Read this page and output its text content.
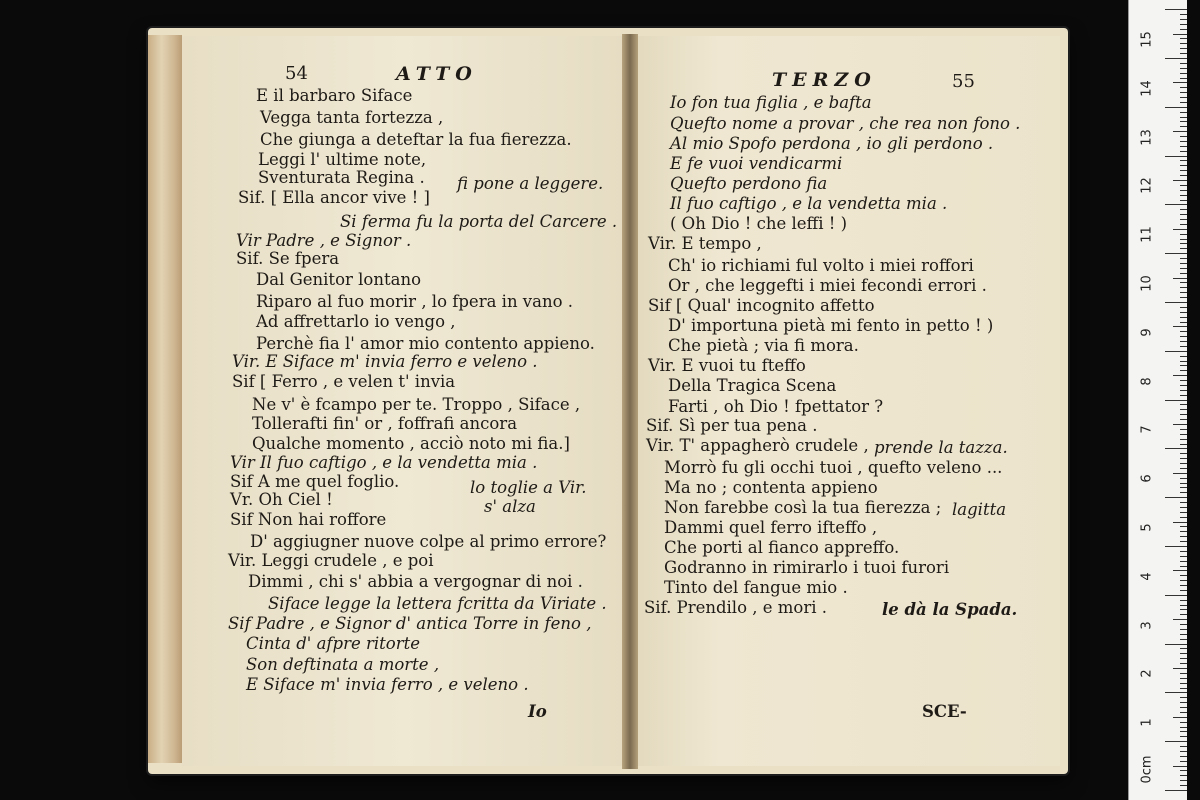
54	ATTO
E il barbaro Siface
Vegga tanta fortezza ,
Che giunga a deteftar la fua fierezza.
Leggi l' ultime note,
Sventurata Regina . fi pone a leggere.
Sif. [ Ella ancor vive ! ]
Si ferma fu la porta del Carcere .
Vir Padre , e Signor .
Sif. Se fpera
Dal Genitor lontano
Riparo al fuo morir , lo fpera in vano .
Ad affrettarlo io vengo ,
Perchè fia l' amor mio contento appieno.
Vir. E Siface m' invia ferro e veleno .
Sif [ Ferro , e velen t' invia
Ne v' è fcampo per te. Troppo , Siface ,
Tollerafti fin' or , foffrafi ancora
Qualche momento , acciò noto mi fia.]
Vir Il fuo caftigo , e la vendetta mia .
Sif A me quel foglio.	lo toglie a Vir.
Vr. Oh Ciel !	s' alza
Sif Non hai roffore
D' aggiugner nuove colpe al primo errore?
Vir. Leggi crudele , e poi
Dimmi , chi s' abbia a vergognar di noi .
Siface legge la lettera fcritta da Viriate .
Sif Padre , e Signor d' antica Torre in feno ,
Cinta d' afpre ritorte
Son deftinata a morte ,
E Siface m' invia ferro , e veleno .
Io
TERZO	55
Io fon tua figlia , e bafta
Quefto nome a provar , che rea non fono .
Al mio Spofo perdona , io gli perdono .
E fe vuoi vendicarmi
Quefto perdono fia
Il fuo caftigo , e la vendetta mia .
( Oh Dio ! che leffi ! )
Vir. E tempo ,
Ch' io richiami ful volto i miei roffori
Or , che leggefti i miei fecondi errori .
Sif [ Qual' incognito affetto
D' importuna pietà mi fento in petto ! )
Che pietà ; via fi mora.
Vir. E vuoi tu fteffo
Della Tragica Scena
Farti , oh Dio ! fpettator ?
Sif. Sì per tua pena .
Vir. T' appagherò crudele , prende la tazza.
Morrò fu gli occhi tuoi , quefto veleno ...
Ma no ; contenta appieno
Non farebbe così la tua fierezza ; lagitta
Dammi quel ferro ifteffo ,
Che porti al fianco appreffo.
Godranno in rimirarlo i tuoi furori
Tinto del fangue mio .
Sif. Prendilo , e mori .	le dà la Spada.
SCE-
0cm
1
2
3
4
5
6
7
8
9
10
11
12
13
14
15
